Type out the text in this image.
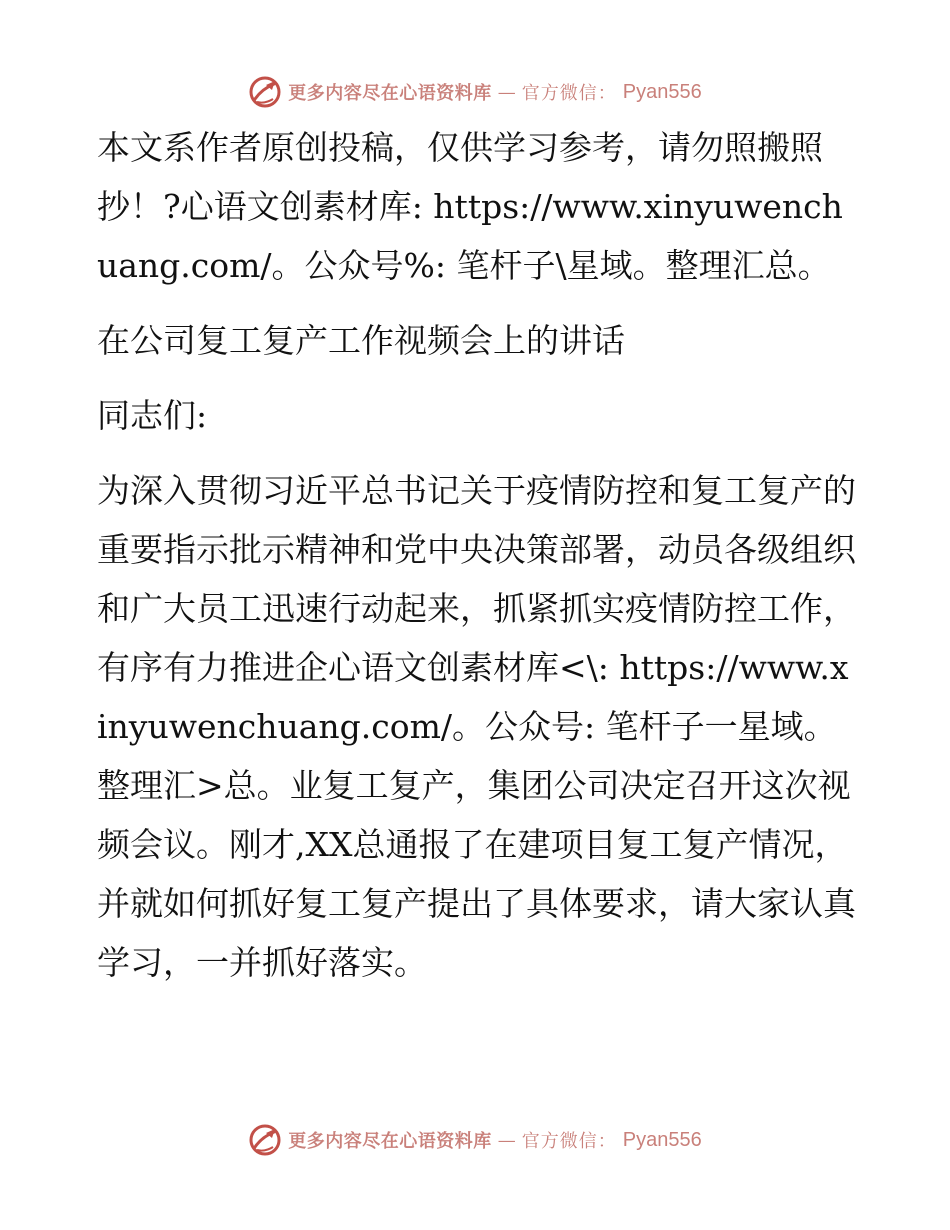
更多内容尽在心语资料库 — 官方微信： Pyan556

本文系作者原创投稿，仅供学习参考，请勿照搬照抄！?心语文创素材库: https://www.xinyuwenchuang.com/。公众号%: 笔杆子\星域。整理汇总。

在公司复工复产工作视频会上的讲话

同志们:

为深入贯彻习近平总书记关于疫情防控和复工复产的重要指示批示精神和党中央决策部署，动员各级组织和广大员工迅速行动起来，抓紧抓实疫情防控工作，有序有力推进企心语文创素材库<\: https://www.xinyuwenchuang.com/。公众号: 笔杆子一星域。整理汇>总。业复工复产，集团公司决定召开这次视频会议。刚才,XX总通报了在建项目复工复产情况，并就如何抓好复工复产提出了具体要求，请大家认真学习，一并抓好落实。

更多内容尽在心语资料库 — 官方微信： Pyan556
